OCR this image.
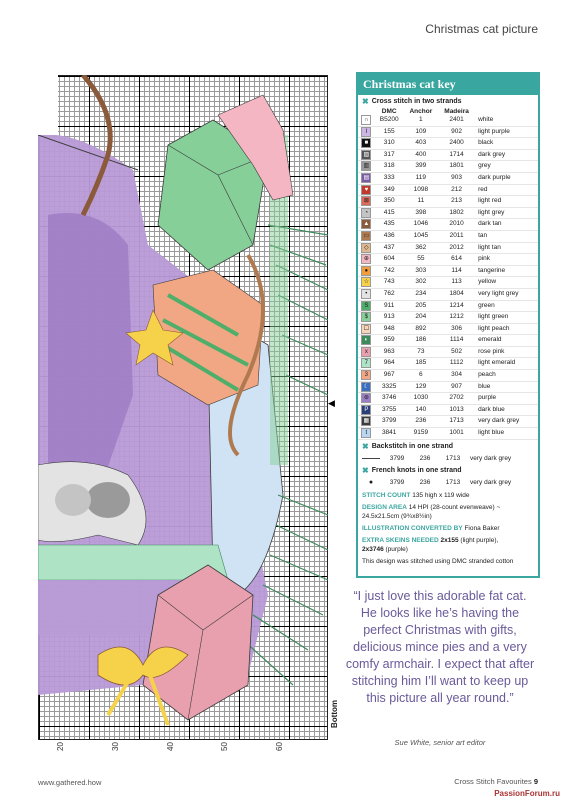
Christmas cat picture
◀
20	30	40	50	60
Bottom
Christmas cat key
✖ Cross stitch in two strands
	DMC	Anchor	Madeira	
∩	B5200	1	2401	white
I	155	109	902	light purple
■	310	403	2400	black
▨	317	400	1714	dark grey
▥	318	399	1801	grey
▤	333	119	903	dark purple
♥	349	1098	212	red
⊠	350	11	213	light red
◔	415	398	1802	light grey
▲	435	1046	2010	dark tan
▭	436	1045	2011	tan
◇	437	362	2012	light tan
⊕	604	55	614	pink
●	742	303	114	tangerine
☆	743	302	113	yellow
•	762	234	1804	very light grey
S	911	205	1214	green
$	913	204	1212	light green
☐	948	892	306	light peach
◐	959	186	1114	emerald
x	963	73	502	rose pink
7	964	185	1112	light emerald
3	967	6	304	peach
☾	3325	129	907	blue
⊛	3746	1030	2702	purple
P	3755	140	1013	dark blue
▦	3799	236	1713	very dark grey
t	3841	9159	1001	light blue
✖ Backstitch in one strand
3799	236	1713	very dark grey
✖ French knots in one strand
●	3799	236	1713	very dark grey
STITCH COUNT 135 high x 119 wide
DESIGN AREA 14 HPI (28-count evenweave) ~ 24.5x21.5cm (9¾x8½in)
ILLUSTRATION CONVERTED BY Fiona Baker
EXTRA SKEINS NEEDED 2x155 (light purple),
2x3746 (purple)
This design was stitched using DMC stranded cotton
“I just love this adorable fat cat. He looks like he’s having the perfect Christmas with gifts, delicious mince pies and a very comfy armchair. I expect that after stitching him I’ll want to keep up this picture all year round.”
Sue White, senior art editor
www.gathered.how	Cross Stitch Favourites 9
PassionForum.ru
